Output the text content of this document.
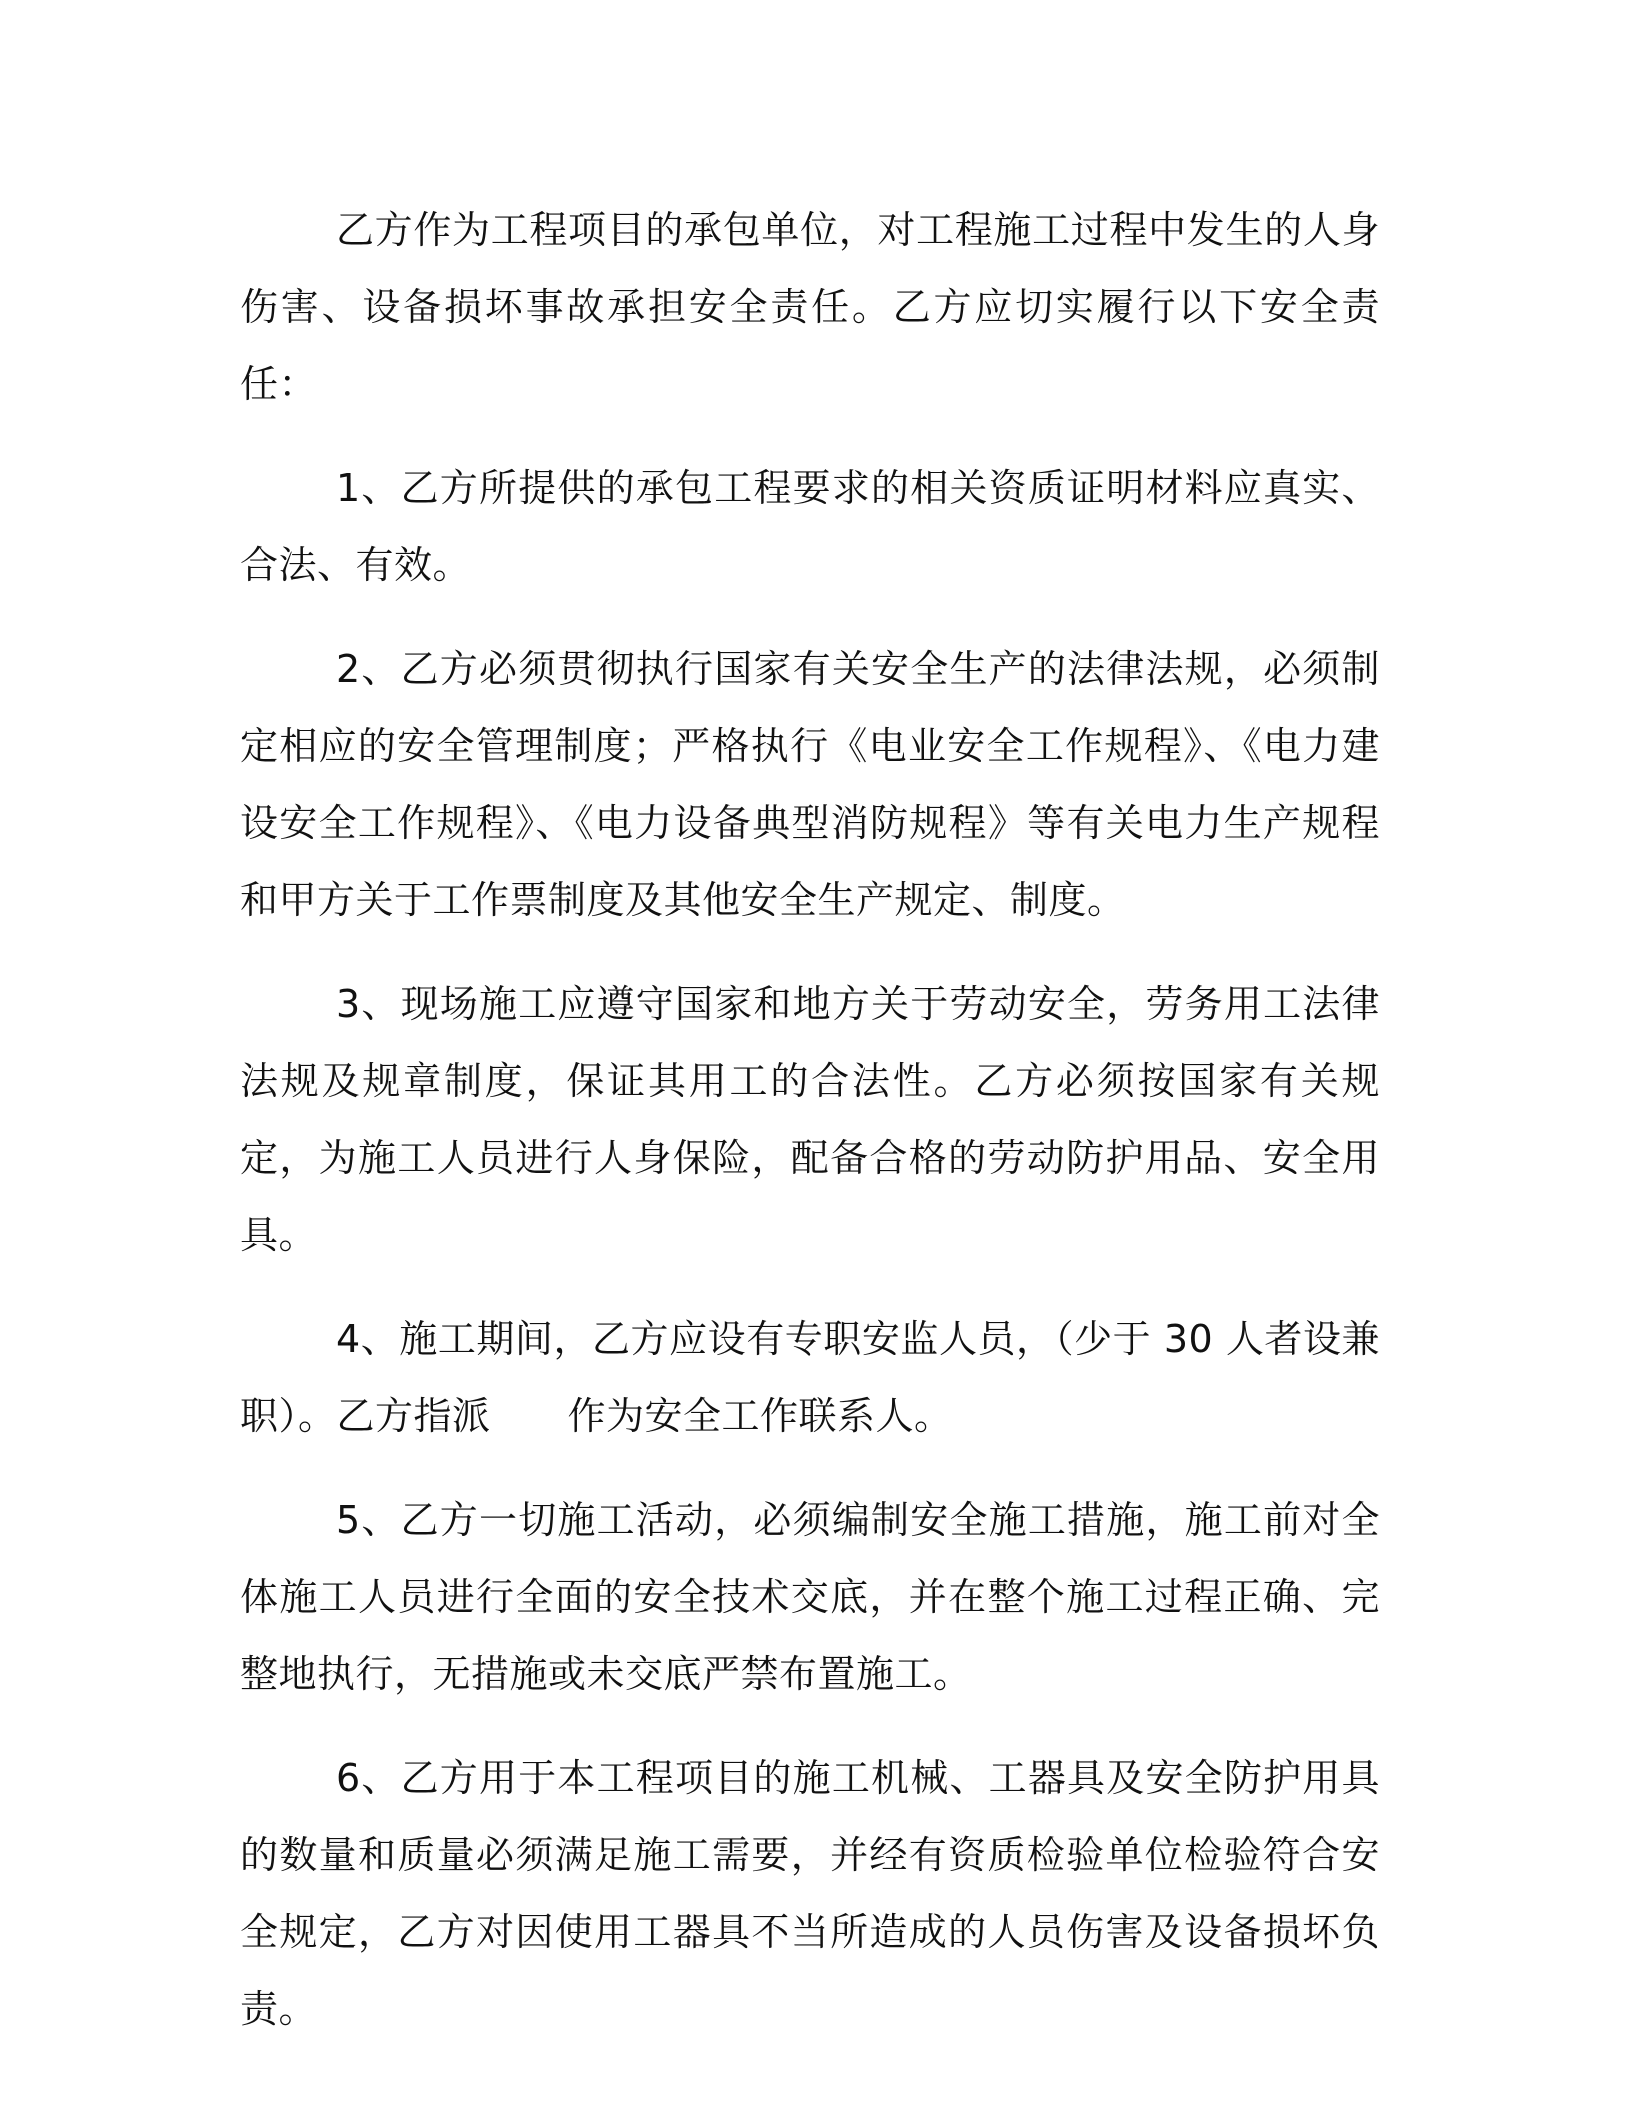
乙方作为工程项目的承包单位，对工程施工过程中发生的人身伤害、设备损坏事故承担安全责任。乙方应切实履行以下安全责任：

1、乙方所提供的承包工程要求的相关资质证明材料应真实、合法、有效。

2、乙方必须贯彻执行国家有关安全生产的法律法规，必须制定相应的安全管理制度；严格执行《电业安全工作规程》、《电力建设安全工作规程》、《电力设备典型消防规程》等有关电力生产规程和甲方关于工作票制度及其他安全生产规定、制度。

3、现场施工应遵守国家和地方关于劳动安全，劳务用工法律法规及规章制度，保证其用工的合法性。乙方必须按国家有关规定，为施工人员进行人身保险，配备合格的劳动防护用品、安全用具。

4、施工期间，乙方应设有专职安监人员，（少于 30 人者设兼职）。乙方指派　　作为安全工作联系人。

5、乙方一切施工活动，必须编制安全施工措施，施工前对全体施工人员进行全面的安全技术交底，并在整个施工过程正确、完整地执行，无措施或未交底严禁布置施工。

6、乙方用于本工程项目的施工机械、工器具及安全防护用具的数量和质量必须满足施工需要，并经有资质检验单位检验符合安全规定，乙方对因使用工器具不当所造成的人员伤害及设备损坏负责。
